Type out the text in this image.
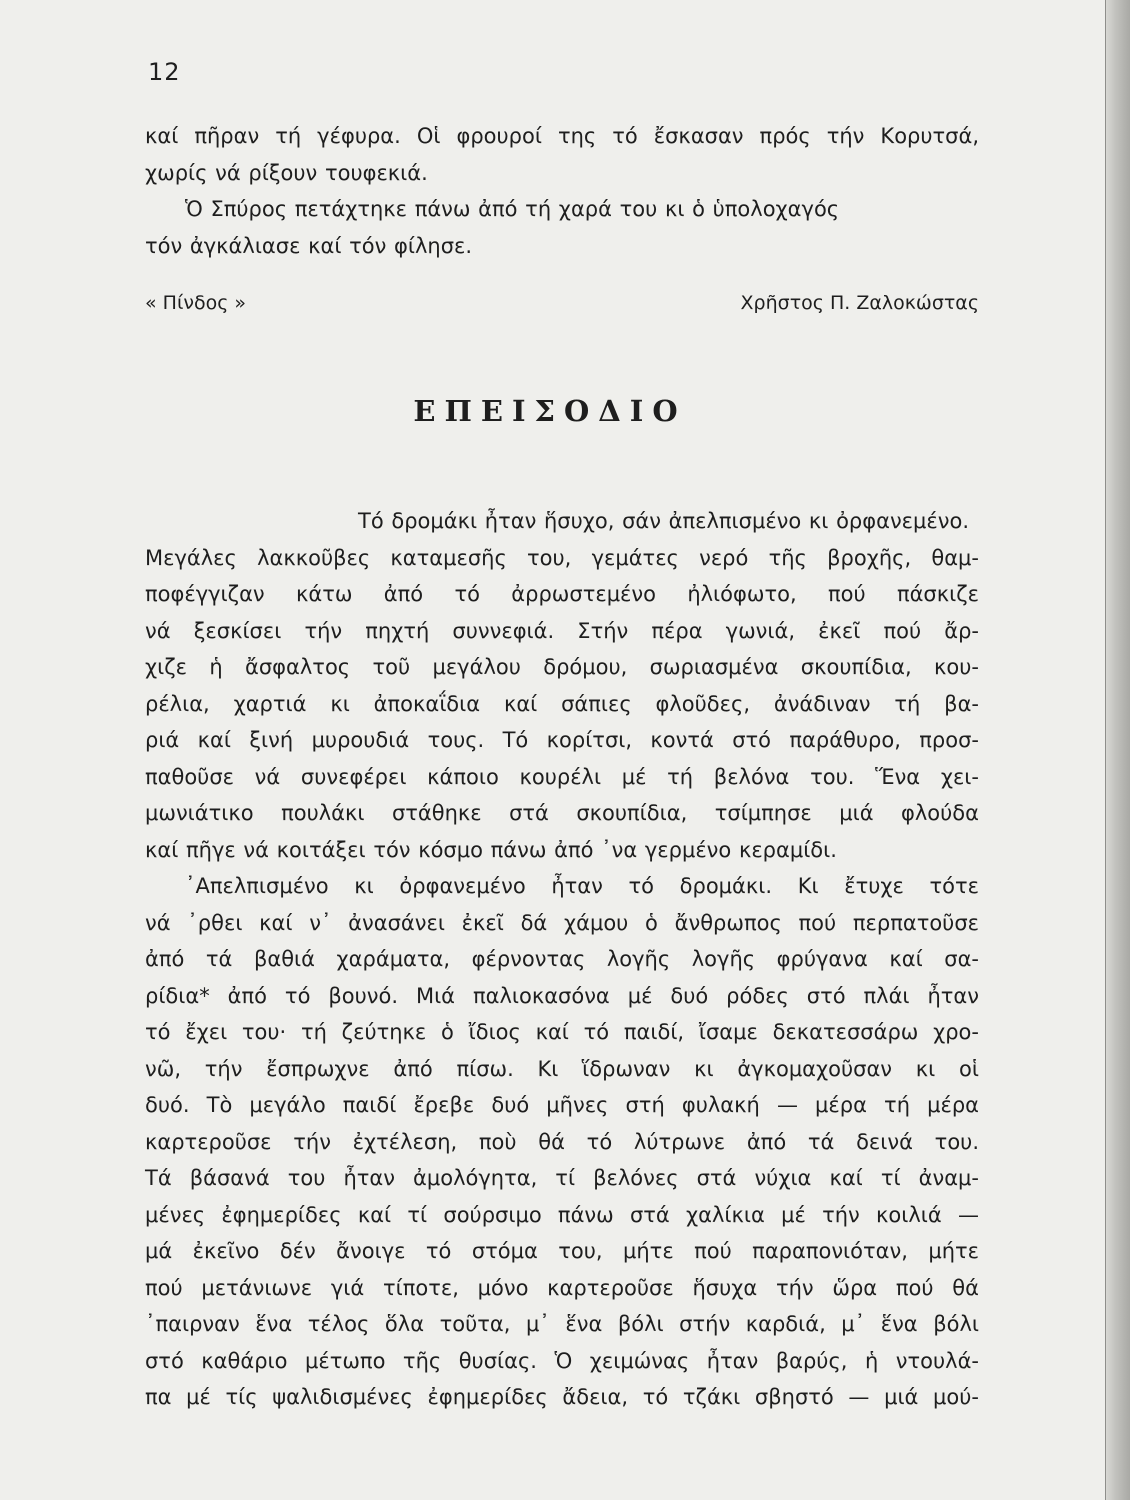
12
καί πῆραν τή γέφυρα. Οἱ φρουροί της τό ἔσκασαν πρός τήν Κορυτσά,
χωρίς νά ρίξουν τουφεκιά.
Ὁ Σπύρος πετάχτηκε πάνω ἀπό τή χαρά του κι ὁ ὑπολοχαγός
τόν ἀγκάλιασε καί τόν φίλησε.
« Πίνδος »	Χρῆστος Π. Ζαλοκώστας
ΕΠΕΙΣΟΔΙΟ
Τό δρομάκι ἦταν ἥσυχο, σάν ἀπελπισμένο κι ὀρφανεμένο.
Μεγάλες λακκοῦβες καταμεσῆς του, γεμάτες νερό τῆς βροχῆς, θαμ-
ποφέγγιζαν κάτω ἀπό τό ἀρρωστεμένο ἠλιόφωτο, πού πάσκιζε
νά ξεσκίσει τήν πηχτή συννεφιά. Στήν πέρα γωνιά, ἐκεῖ πού ἄρ-
χιζε ἡ ἄσφαλτος τοῦ μεγάλου δρόμου, σωριασμένα σκουπίδια, κου-
ρέλια, χαρτιά κι ἀποκαΐδια καί σάπιες φλοῦδες, ἀνάδιναν τή βα-
ριά καί ξινή μυρουδιά τους. Τό κορίτσι, κοντά στό παράθυρο, προσ-
παθοῦσε νά συνεφέρει κάποιο κουρέλι μέ τή βελόνα του. Ἕνα χει-
μωνιάτικο πουλάκι στάθηκε στά σκουπίδια, τσίμπησε μιά φλούδα
καί πῆγε νά κοιτάξει τόν κόσμο πάνω ἀπό ᾿να γερμένο κεραμίδι.
᾿Απελπισμένο κι ὀρφανεμένο ἦταν τό δρομάκι. Κι ἔτυχε τότε
νά ᾿ρθει καί ν᾿ ἀνασάνει ἐκεῖ δά χάμου ὁ ἄνθρωπος πού περπατοῦσε
ἀπό τά βαθιά χαράματα, φέρνοντας λογῆς λογῆς φρύγανα καί σα-
ρίδια* ἀπό τό βουνό. Μιά παλιοκασόνα μέ δυό ρόδες στό πλάι ἦταν
τό ἔχει του· τή ζεύτηκε ὁ ἴδιος καί τό παιδί, ἴσαμε δεκατεσσάρω χρο-
νῶ, τήν ἔσπρωχνε ἀπό πίσω. Κι ἵδρωναν κι ἀγκομαχοῦσαν κι οἱ
δυό. Τὸ μεγάλο παιδί ἔρεβε δυό μῆνες στή φυλακή — μέρα τή μέρα
καρτεροῦσε τήν ἐχτέλεση, ποὺ θά τό λύτρωνε ἀπό τά δεινά του.
Τά βάσανά του ἦταν ἀμολόγητα, τί βελόνες στά νύχια καί τί ἀναμ-
μένες ἐφημερίδες καί τί σούρσιμο πάνω στά χαλίκια μέ τήν κοιλιά —
μά ἐκεῖνο δέν ἄνοιγε τό στόμα του, μήτε πού παραπονιόταν, μήτε
πού μετάνιωνε γιά τίποτε, μόνο καρτεροῦσε ἥσυχα τήν ὥρα πού θά
᾿παιρναν ἕνα τέλος ὅλα τοῦτα, μ᾿ ἕνα βόλι στήν καρδιά, μ᾿ ἕνα βόλι
στό καθάριο μέτωπο τῆς θυσίας. Ὁ χειμώνας ἦταν βαρύς, ἡ ντουλά-
πα μέ τίς ψαλιδισμένες ἐφημερίδες ἄδεια, τό τζάκι σβηστό — μιά μού-
